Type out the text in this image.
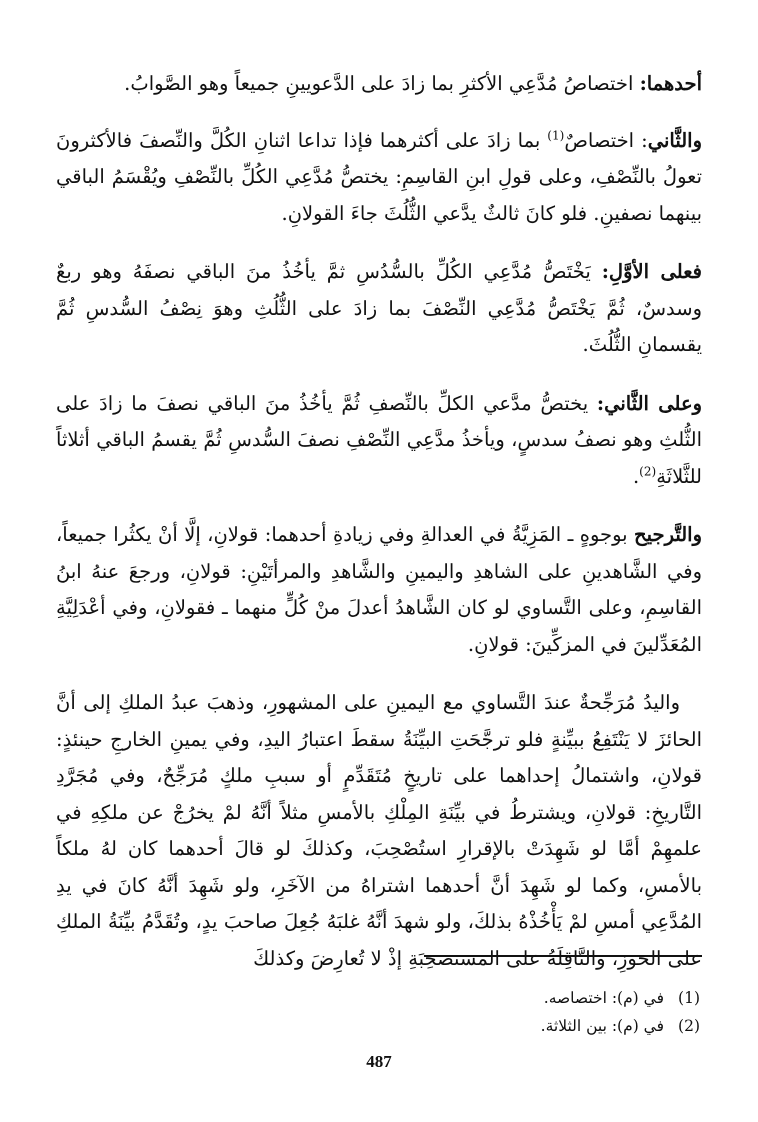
أحدهما: اختصاصُ مُدَّعِي الأكثرِ بما زادَ على الدَّعويينِ جميعاً وهو الصَّوابُ.

والثَّاني: اختصاصٌ$^{(1)}$ بما زادَ على أكثرهما فإذا تداعا اثنانِ الكُلَّ والنِّصفَ فالأكثرونَ تعولُ بالنِّصْفِ، وعلى قولِ ابنِ القاسِمِ: يختصُّ مُدَّعِي الكُلِّ بالنِّصْفِ ويُقْسَمُ الباقي بينهما نصفينِ. فلو كانَ ثالثٌ يدَّعي الثُّلُثَ جاءَ القولانِ.

فعلى الأوَّلِ: يَخْتَصُّ مُدَّعِي الكُلِّ بالسُّدُسِ ثمَّ يأخُذُ منَ الباقي نصفَهُ وهو ربعٌ وسدسٌ، ثُمَّ يَخْتَصُّ مُدَّعِي النِّصْفَ بما زادَ على الثُّلُثِ وهوَ نِصْفُ السُّدسِ ثُمَّ يقسمانِ الثُّلُثَ.

وعلى الثَّاني: يختصُّ مدَّعي الكلِّ بالنِّصفِ ثُمَّ يأخُذُ منَ الباقي نصفَ ما زادَ على الثُّلثِ وهو نصفُ سدسٍ، ويأخذُ مدَّعِي النِّصْفِ نصفَ السُّدسِ ثُمَّ يقسمُ الباقي أثلاثاً للثَّلاثَةِ$^{(2)}$.

والتَّرجيح بوجوهٍ ـ المَزِيَّةُ في العدالةِ وفي زيادةِ أحدهما: قولانِ، إلَّا أنْ يكثُرا جميعاً، وفي الشَّاهدينِ على الشاهدِ واليمينِ والشَّاهدِ والمرأتَيْنِ: قولانِ، ورجعَ عنهُ ابنُ القاسِمِ، وعلى التَّساوي لو كان الشَّاهدُ أعدلَ منْ كُلٍّ منهما ـ فقولانِ، وفي أعْدَلِيَّةِ المُعَدِّلينَ في المزكِّينَ: قولانِ.

واليدُ مُرَجِّحةٌ عندَ التَّساوي مع اليمينِ على المشهورِ، وذهبَ عبدُ الملكِ إلى أنَّ الحائزَ لا يَنْتَفِعُ ببيِّنةٍ فلو ترجَّحَتِ البيِّنَةُ سقطَ اعتبارُ اليدِ، وفي يمينِ الخارجِ حينئذٍ: قولانِ، واشتمالُ إحداهما على تاريخٍ مُتَقَدِّمٍ أو سببِ ملكٍ مُرَجِّحٌ، وفي مُجَرَّدِ التَّاريخِ: قولانِ، ويشترطُ في بيِّنَةِ المِلْكِ بالأمسِ مثلاً أنَّهُ لمْ يخرُجْ عن ملكِهِ في علمهِمْ أمَّا لو شَهِدَتْ بالإقرارِ استُصْحِبَ، وكذلكَ لو قالَ أحدهما كان لهُ ملكاً بالأمسِ، وكما لو شَهِدَ أنَّ أحدهما اشتراهُ من الآخَرِ، ولو شَهِدَ أنَّهُ كانَ في يدِ المُدَّعِي أمسِ لمْ يَأْخُذْهُ بذلكَ، ولو شهدَ أنَّهُ غلبَهُ جُعِلَ صاحبَ يدٍ، وتُقَدَّمُ بيِّنَةُ الملكِ على الحوزِ، والنَّاقِلَةُ على المستصحِبَةِ إذْ لا تُعارِضَ وكذلكَ

(1)
في (م): اختصاصه.
(2)
في (م): بين الثلاثة.
487
